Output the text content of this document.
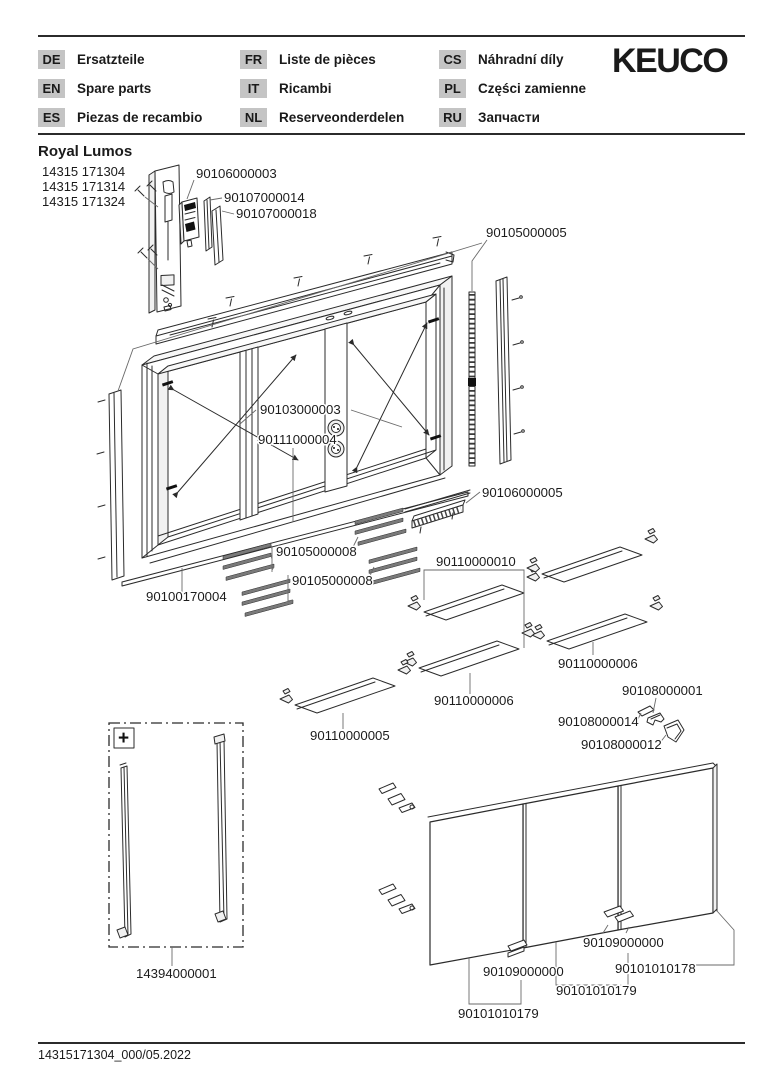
DE	Ersatzteile
EN	Spare parts
ES	Piezas de recambio
FR	Liste de pièces
IT	Ricambi
NL	Reserveonderdelen
CS	Náhradní díly
PL	Części zamienne
RU	Запчасти
KEUCO
Royal Lumos
14315 171304
14315 171314
14315 171324
+
90106000003
90107000014
90107000018
90105000005
90103000003
90111000004
90106000005
90105000008
90105000008
90110000010
90100170004
90110000006
90108000001
90110000006
90108000014
90110000005
90108000012
14394000001
90109000000
90101010178
90109000000
90101010179
90101010179
14315171304_000/05.2022
